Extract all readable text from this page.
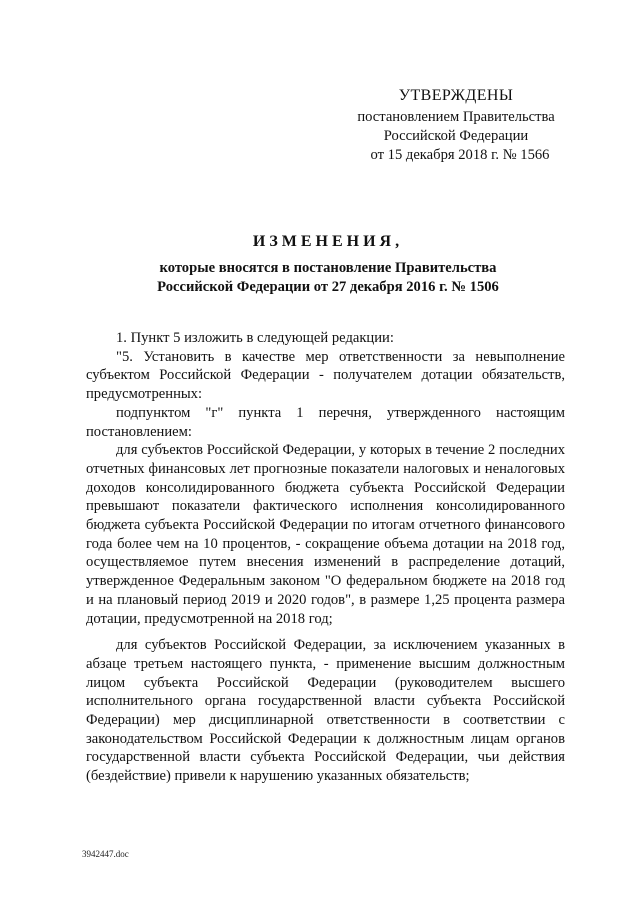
УТВЕРЖДЕНЫ
постановлением Правительства
Российской Федерации
от 15 декабря 2018 г. № 1566
ИЗМЕНЕНИЯ,
которые вносятся в постановление Правительства
Российской Федерации от 27 декабря 2016 г. № 1506

1. Пункт 5 изложить в следующей редакции:

"5. Установить в качестве мер ответственности за невыполнение субъектом Российской Федерации - получателем дотации обязательств, предусмотренных:

подпунктом "г" пункта 1 перечня, утвержденного настоящим постановлением:

для субъектов Российской Федерации, у которых в течение 2 последних отчетных финансовых лет прогнозные показатели налоговых и неналоговых доходов консолидированного бюджета субъекта Российской Федерации превышают показатели фактического исполнения консолидированного бюджета субъекта Российской Федерации по итогам отчетного финансового года более чем на 10 процентов, - сокращение объема дотации на 2018 год, осуществляемое путем внесения изменений в распределение дотаций, утвержденное Федеральным законом "О федеральном бюджете на 2018 год и на плановый период 2019 и 2020 годов", в размере 1,25 процента размера дотации, предусмотренной на 2018 год;

для субъектов Российской Федерации, за исключением указанных в абзаце третьем настоящего пункта, - применение высшим должностным лицом субъекта Российской Федерации (руководителем высшего исполнительного органа государственной власти субъекта Российской Федерации) мер дисциплинарной ответственности в соответствии с законодательством Российской Федерации к должностным лицам органов государственной власти субъекта Российской Федерации, чьи действия (бездействие) привели к нарушению указанных обязательств;

3942447.doc
